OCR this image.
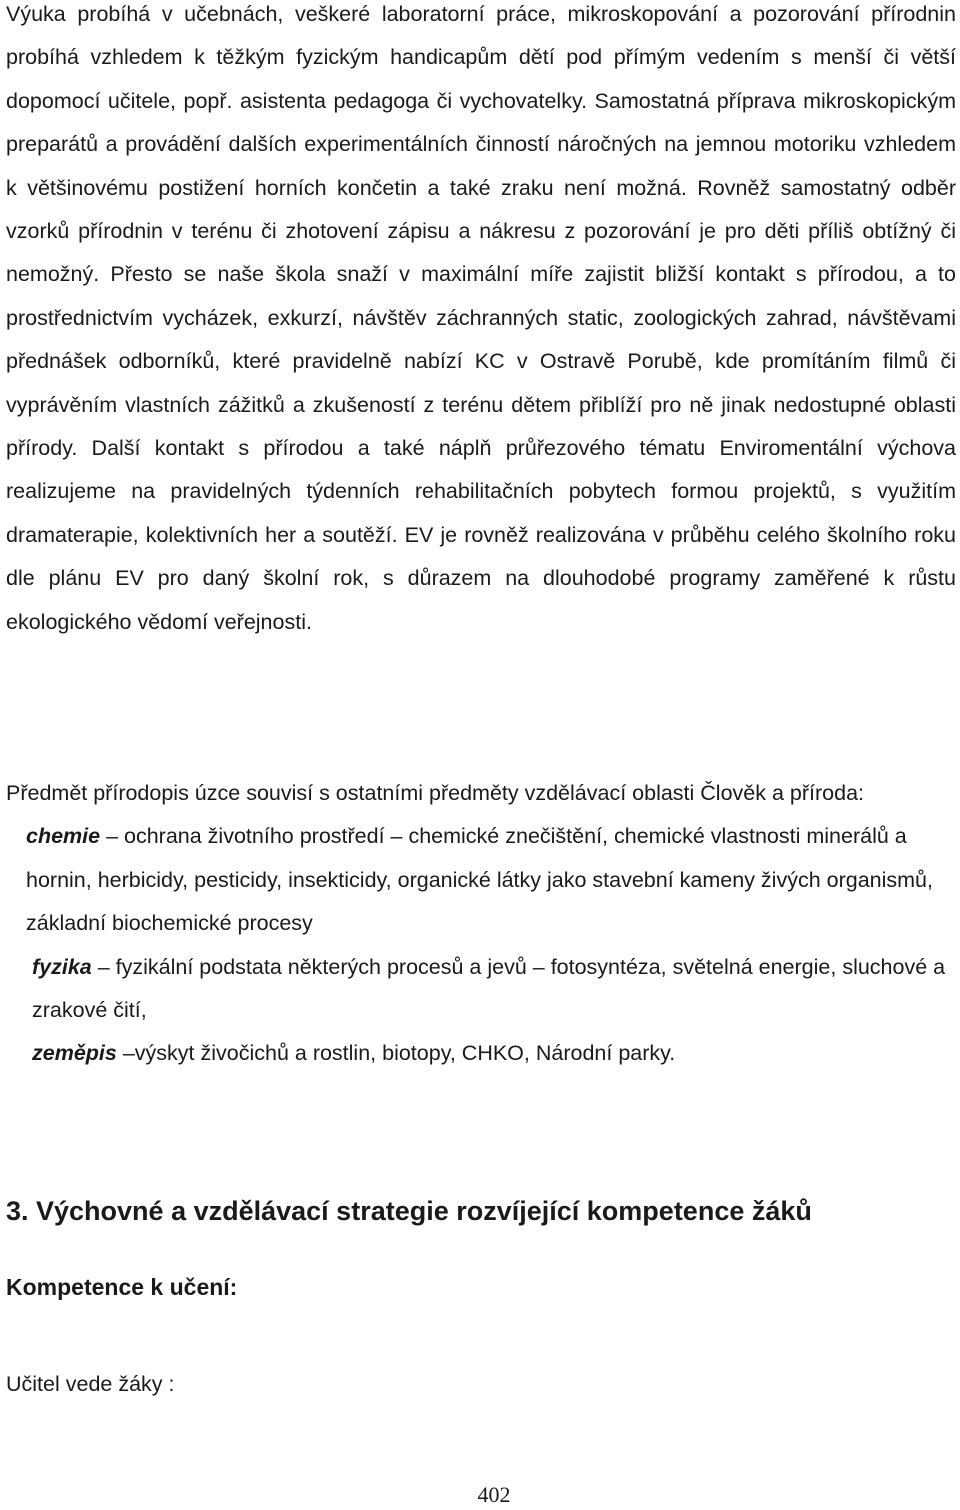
Výuka probíhá v učebnách, veškeré laboratorní práce, mikroskopování a pozorování přírodnin probíhá vzhledem k těžkým fyzickým handicapům dětí pod přímým vedením s menší či větší dopomocí učitele, popř. asistenta pedagoga či vychovatelky. Samostatná příprava mikroskopickým preparátů a provádění dalších experimentálních činností náročných na jemnou motoriku vzhledem k většinovému postižení horních končetin a také zraku není možná. Rovněž samostatný odběr vzorků přírodnin v terénu či zhotovení zápisu a nákresu z pozorování je pro děti příliš obtížný či nemožný. Přesto se naše škola snaží v maximální míře zajistit bližší kontakt s přírodou, a to prostřednictvím vycházek, exkurzí, návštěv záchranných static, zoologických zahrad, návštěvami přednášek odborníků, které pravidelně nabízí KC v Ostravě Porubě, kde promítáním filmů či vyprávěním vlastních zážitků a zkušeností z terénu dětem přiblíží pro ně jinak nedostupné oblasti přírody. Další kontakt s přírodou a také náplň průřezového tématu Enviromentální výchova realizujeme na pravidelných týdenních rehabilitačních pobytech formou projektů, s využitím dramaterapie, kolektivních her a soutěží. EV je rovněž realizována v průběhu celého školního roku dle plánu EV pro daný školní rok, s důrazem na dlouhodobé programy zaměřené k růstu ekologického vědomí veřejnosti.

Předmět přírodopis úzce souvisí s ostatními předměty vzdělávací oblasti Člověk a příroda:

chemie – ochrana životního prostředí – chemické znečištění, chemické vlastnosti minerálů a hornin, herbicidy, pesticidy, insekticidy, organické látky jako stavební kameny živých organismů, základní biochemické procesy

fyzika – fyzikální podstata některých procesů a jevů – fotosyntéza, světelná energie, sluchové a zrakové čití,

zeměpis –výskyt živočichů a rostlin, biotopy, CHKO, Národní parky.

3. Výchovné a vzdělávací strategie rozvíjející kompetence žáků
Kompetence k učení:

Učitel vede žáky :

402
